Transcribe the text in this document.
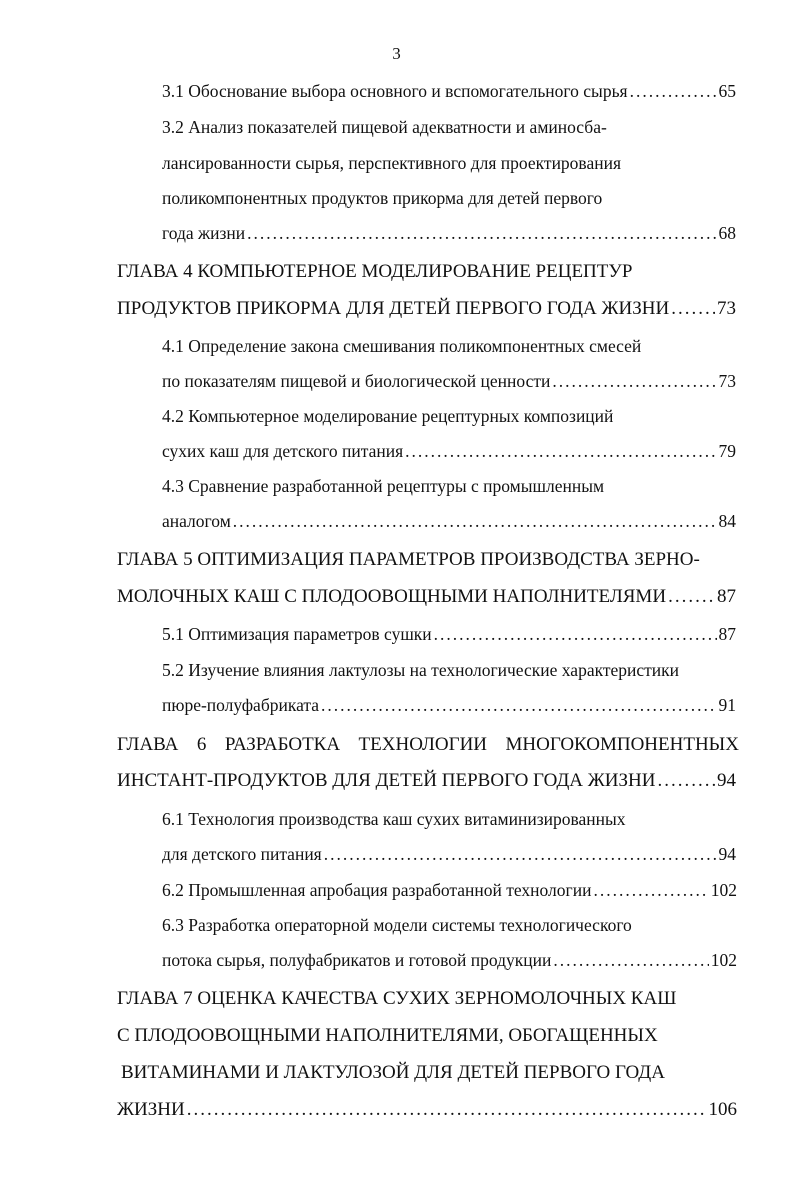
3
3.1 Обоснование выбора основного и вспомогательного сырья .....	65
3.2 Анализ показателей пищевой адекватности и аминосба-
лансированности сырья, перспективного для проектирования
поликомпонентных продуктов прикорма для детей первого
года жизни .....	68
ГЛАВА 4 КОМПЬЮТЕРНОЕ МОДЕЛИРОВАНИЕ РЕЦЕПТУР
ПРОДУКТОВ ПРИКОРМА ДЛЯ ДЕТЕЙ ПЕРВОГО ГОДА ЖИЗНИ .....	73
4.1 Определение закона смешивания поликомпонентных смесей
по показателям пищевой и биологической ценности .....	73
4.2 Компьютерное моделирование рецептурных композиций
сухих каш для детского питания .....	79
4.3 Сравнение разработанной рецептуры с промышленным
аналогом .....	84
ГЛАВА 5 ОПТИМИЗАЦИЯ ПАРАМЕТРОВ ПРОИЗВОДСТВА ЗЕРНО-
МОЛОЧНЫХ КАШ С ПЛОДООВОЩНЫМИ НАПОЛНИТЕЛЯМИ .....	87
5.1 Оптимизация параметров сушки .....	87
5.2 Изучение влияния лактулозы на технологические характеристики
пюре-полуфабриката .....	91
ГЛАВА 6 РАЗРАБОТКА ТЕХНОЛОГИИ МНОГОКОМПОНЕНТНЫХ
ИНСТАНТ-ПРОДУКТОВ ДЛЯ ДЕТЕЙ ПЕРВОГО ГОДА ЖИЗНИ .....	94
6.1 Технология производства каш сухих витаминизированных
для детского питания .....	94
6.2 Промышленная апробация разработанной технологии .....	102
6.3 Разработка операторной модели системы технологического
потока сырья, полуфабрикатов и готовой продукции .....	102
ГЛАВА 7 ОЦЕНКА КАЧЕСТВА СУХИХ ЗЕРНОМОЛОЧНЫХ КАШ
С ПЛОДООВОЩНЫМИ НАПОЛНИТЕЛЯМИ, ОБОГАЩЕННЫХ
ВИТАМИНАМИ И ЛАКТУЛОЗОЙ ДЛЯ ДЕТЕЙ ПЕРВОГО ГОДА
ЖИЗНИ .....	106
